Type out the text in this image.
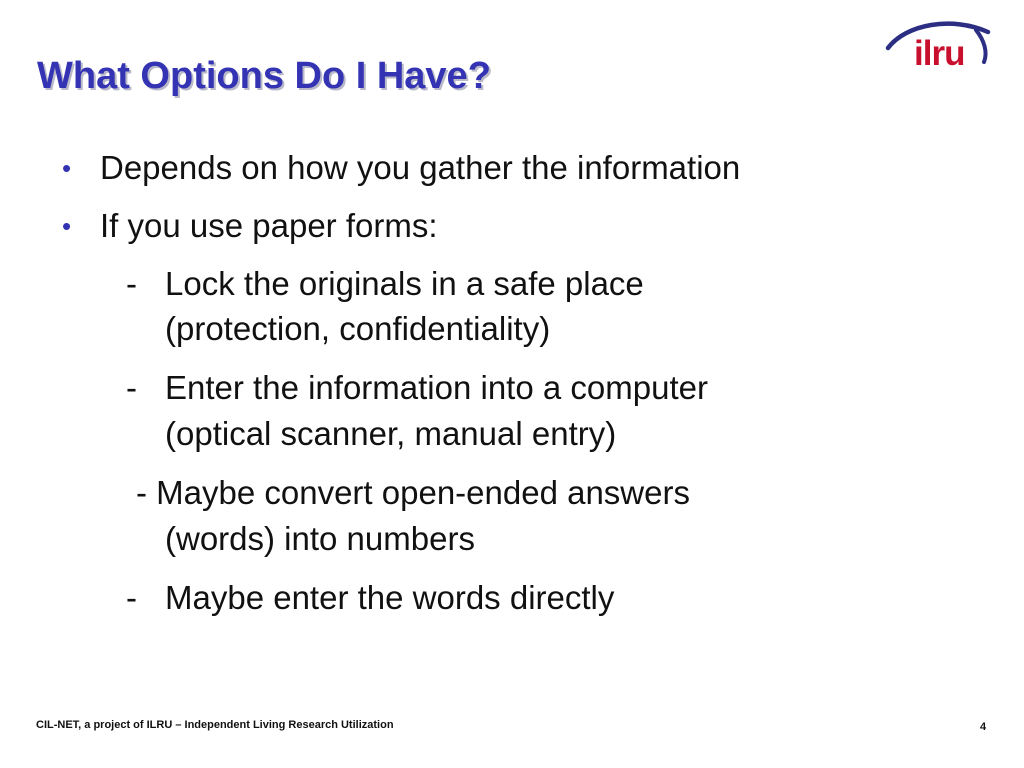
What Options Do I Have?
ilru
• Depends on how you gather the information
• If you use paper forms:
- Lock the originals in a safe place
(protection, confidentiality)
- Enter the information into a computer
(optical scanner, manual entry)
- Maybe convert open-ended answers
(words) into numbers
- Maybe enter the words directly
CIL-NET, a project of ILRU – Independent Living Research Utilization	4
